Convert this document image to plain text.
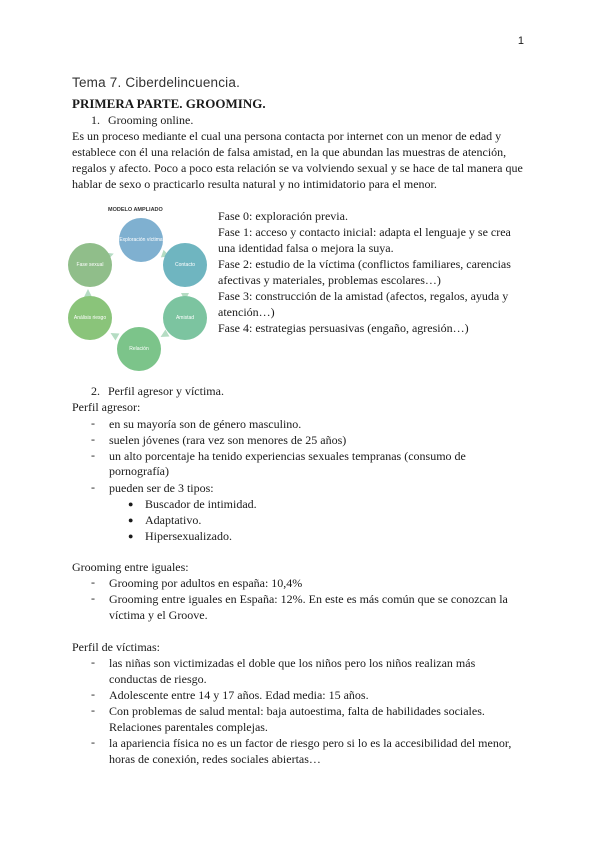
1
Tema 7. Ciberdelincuencia.
PRIMERA PARTE. GROOMING.
1. Grooming online.
Es un proceso mediante el cual una persona contacta por internet con un menor de edad y
establece con él una relación de falsa amistad, en la que abundan las muestras de atención,
regalos y afecto. Poco a poco esta relación se va volviendo sexual y se hace de tal manera que
hablar de sexo o practicarlo resulta natural y no intimidatorio para el menor.
MODELO AMPLIADO
Exploración víctima
Contacto
Amistad
Relación
Análisis riesgo
Fase sexual
Fase 0: exploración previa.
Fase 1: acceso y contacto inicial: adapta el lenguaje y se crea
una identidad falsa o mejora la suya.
Fase 2: estudio de la víctima (conflictos familiares, carencias
afectivas y materiales, problemas escolares…)
Fase 3: construcción de la amistad (afectos, regalos, ayuda y
atención…)
Fase 4: estrategias persuasivas (engaño, agresión…)
2. Perfil agresor y víctima.
Perfil agresor:
- en su mayoría son de género masculino.
- suelen jóvenes (rara vez son menores de 25 años)
- un alto porcentaje ha tenido experiencias sexuales tempranas (consumo de
pornografía)
- pueden ser de 3 tipos:
● Buscador de intimidad.
● Adaptativo.
● Hipersexualizado.
Grooming entre iguales:
- Grooming por adultos en españa: 10,4%
- Grooming entre iguales en España: 12%. En este es más común que se conozcan la
víctima y el Groove.
Perfil de víctimas:
- las niñas son victimizadas el doble que los niños pero los niños realizan más
conductas de riesgo.
- Adolescente entre 14 y 17 años. Edad media: 15 años.
- Con problemas de salud mental: baja autoestima, falta de habilidades sociales.
Relaciones parentales complejas.
- la apariencia física no es un factor de riesgo pero si lo es la accesibilidad del menor,
horas de conexión, redes sociales abiertas…
